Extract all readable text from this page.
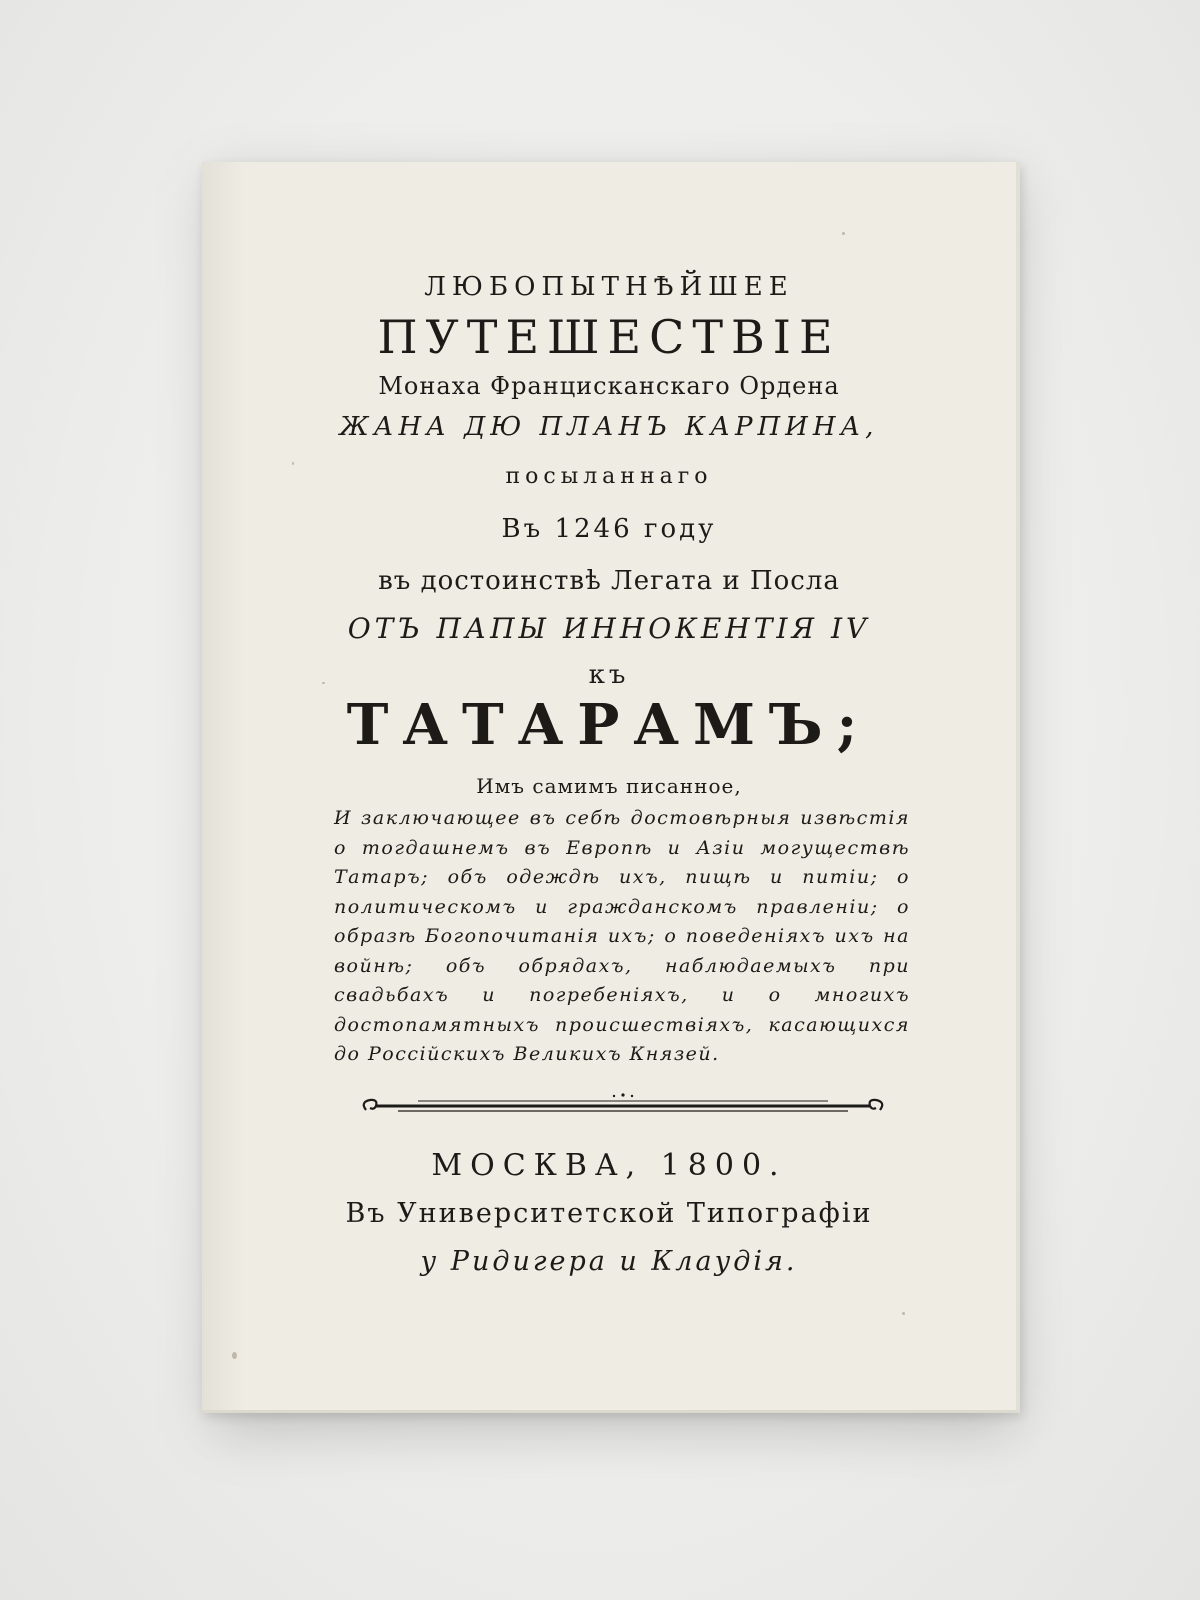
ЛЮБОПЫТНѢЙШЕЕ
ПУТЕШЕСТВІЕ
Монаха Францисканскаго Ордена
ЖАНА ДЮ ПЛАНЪ КАРПИНА,
посыланнаго
Въ 1246 году
въ достоинствѣ Легата и Посла
ОТЪ ПАПЫ ИННОКЕНТІЯ IV
къ
ТАТАРАМЪ;
Имъ самимъ писанное,
И заключающее въ себѣ достовѣрныя извѣстія о тогдашнемъ въ Европѣ и Азіи могуществѣ Татаръ; объ одеждѣ ихъ, пищѣ и питіи; о политическомъ и гражданскомъ правленіи; о образѣ Богопочитанія ихъ; о поведеніяхъ ихъ на войнѣ; объ обрядахъ, наблюдаемыхъ при свадьбахъ и погребеніяхъ, и о многихъ достопамятныхъ происшествіяхъ, касающихся до Россійскихъ Великихъ Князей.
МОСКВА, 1800.
Въ Университетской Типографіи
у Ридигера и Клаудія.
